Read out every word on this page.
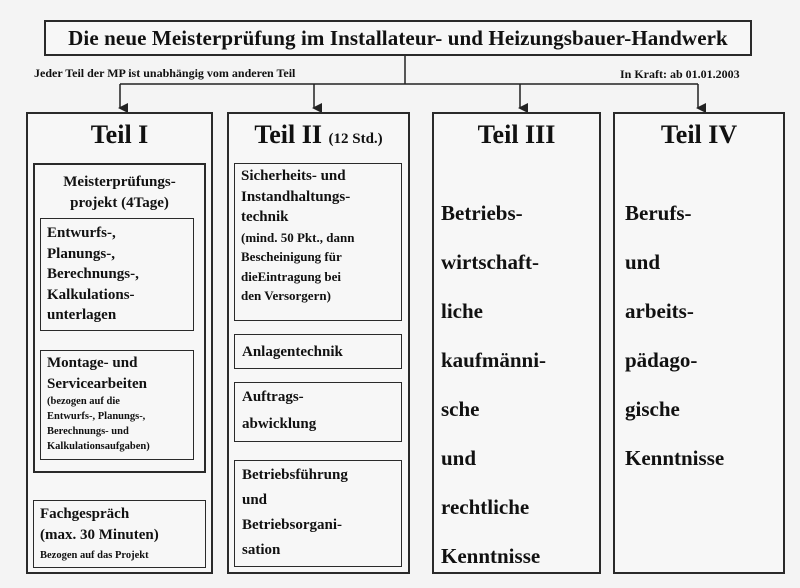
Die neue Meisterprüfung im Installateur- und Heizungsbauer-Handwerk
Jeder Teil der MP ist unabhängig vom anderen Teil	In Kraft: ab 01.01.2003
Teil I
Meisterprüfungs-
projekt (4Tage)
Entwurfs-,
Planungs-,
Berechnungs-,
Kalkulations-
unterlagen
Montage- und
Servicearbeiten
(bezogen auf die
Entwurfs-, Planungs-,
Berechnungs- und
Kalkulationsaufgaben)
Fachgespräch
(max. 30 Minuten)
Bezogen auf das Projekt
Teil II (12 Std.)
Sicherheits- und
Instandhaltungs-
technik
(mind. 50 Pkt., dann
Bescheinigung für
dieEintragung bei
den Versorgern)
Anlagentechnik
Auftrags-
abwicklung
Betriebsführung
und
Betriebsorgani-
sation
Teil III
Betriebs-
wirtschaft-
liche
kaufmänni-
sche
und
rechtliche
Kenntnisse
Teil IV
Berufs-
und
arbeits-
pädago-
gische
Kenntnisse
